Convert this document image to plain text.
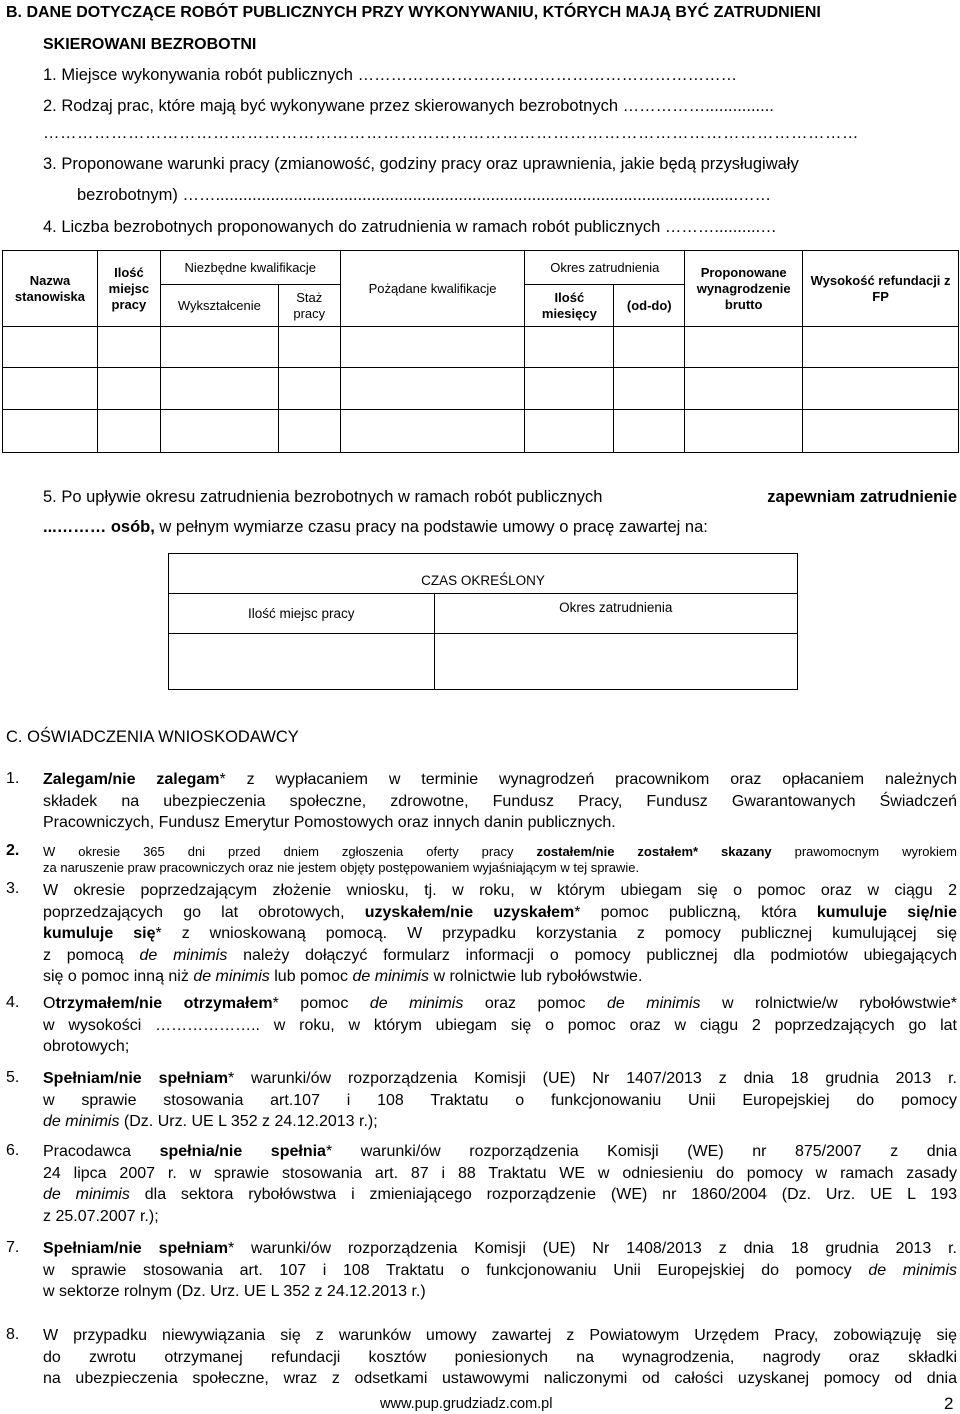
B. DANE DOTYCZĄCE ROBÓT PUBLICZNYCH PRZY WYKONYWANIU, KTÓRYCH MAJĄ BYĆ ZATRUDNIENI
SKIEROWANI BEZROBOTNI
1. Miejsce wykonywania robót publicznych ……………………………………………………………
2. Rodzaj prac, które mają być wykonywane przez skierowanych bezrobotnych ……………...............
………………………………………………………………………………………………………………………………
3. Proponowane warunki pracy (zmianowość, godziny pracy oraz uprawnienia, jakie będą przysługiwały
bezrobotnym) ……..................................................................................................................……
4. Liczba bezrobotnych proponowanych do zatrudnienia w ramach robót publicznych ………..........…
Nazwa stanowiska	Ilość miejsc pracy	Niezbędne kwalifikacje		Pożądane kwalifikacje	Okres zatrudnienia		Proponowane wynagrodzenie brutto	Wysokość refundacji z FP
		Wykształcenie	Staż pracy		Ilość miesięcy	(od-do)		

5. Po upływie okresu zatrudnienia bezrobotnych w ramach robót publicznych	zapewniam zatrudnienie
...……… osób, w pełnym wymiarze czasu pracy na podstawie umowy o pracę zawartej na:
CZAS OKREŚLONY	
Ilość miejsc pracy	Okres zatrudnienia

C. OŚWIADCZENIA WNIOSKODAWCY
1. Zalegam/nie zalegam* z wypłacaniem w terminie wynagrodzeń pracownikom oraz opłacaniem należnych
składek na ubezpieczenia społeczne, zdrowotne, Fundusz Pracy, Fundusz Gwarantowanych Świadczeń
Pracowniczych, Fundusz Emerytur Pomostowych oraz innych danin publicznych.
2. W okresie 365 dni przed dniem zgłoszenia oferty pracy zostałem/nie zostałem* skazany prawomocnym wyrokiem
za naruszenie praw pracowniczych oraz nie jestem objęty postępowaniem wyjaśniającym w tej sprawie.
3. W okresie poprzedzającym złożenie wniosku, tj. w roku, w którym ubiegam się o pomoc oraz w ciągu 2
poprzedzających go lat obrotowych, uzyskałem/nie uzyskałem* pomoc publiczną, która kumuluje się/nie
kumuluje się* z wnioskowaną pomocą. W przypadku korzystania z pomocy publicznej kumulującej się
z pomocą de minimis należy dołączyć formularz informacji o pomocy publicznej dla podmiotów ubiegających
się o pomoc inną niż de minimis lub pomoc de minimis w rolnictwie lub rybołówstwie.
4. Otrzymałem/nie otrzymałem* pomoc de minimis oraz pomoc de minimis w rolnictwie/w rybołówstwie*
w wysokości ……………….. w roku, w którym ubiegam się o pomoc oraz w ciągu 2 poprzedzających go lat
obrotowych;
5. Spełniam/nie spełniam* warunki/ów rozporządzenia Komisji (UE) Nr 1407/2013 z dnia 18 grudnia 2013 r.
w sprawie stosowania art.107 i 108 Traktatu o funkcjonowaniu Unii Europejskiej do pomocy
de minimis (Dz. Urz. UE L 352 z 24.12.2013 r.);
6. Pracodawca spełnia/nie spełnia* warunki/ów rozporządzenia Komisji (WE) nr 875/2007 z dnia
24 lipca 2007 r. w sprawie stosowania art. 87 i 88 Traktatu WE w odniesieniu do pomocy w ramach zasady
de minimis dla sektora rybołówstwa i zmieniającego rozporządzenie (WE) nr 1860/2004 (Dz. Urz. UE L 193
z 25.07.2007 r.);
7. Spełniam/nie spełniam* warunki/ów rozporządzenia Komisji (UE) Nr 1408/2013 z dnia 18 grudnia 2013 r.
w sprawie stosowania art. 107 i 108 Traktatu o funkcjonowaniu Unii Europejskiej do pomocy de minimis
w sektorze rolnym (Dz. Urz. UE L 352 z 24.12.2013 r.)
8. W przypadku niewywiązania się z warunków umowy zawartej z Powiatowym Urzędem Pracy, zobowiązuję się
do zwrotu otrzymanej refundacji kosztów poniesionych na wynagrodzenia, nagrody oraz składki
na ubezpieczenia społeczne, wraz z odsetkami ustawowymi naliczonymi od całości uzyskanej pomocy od dnia
www.pup.grudziadz.com.pl	2
